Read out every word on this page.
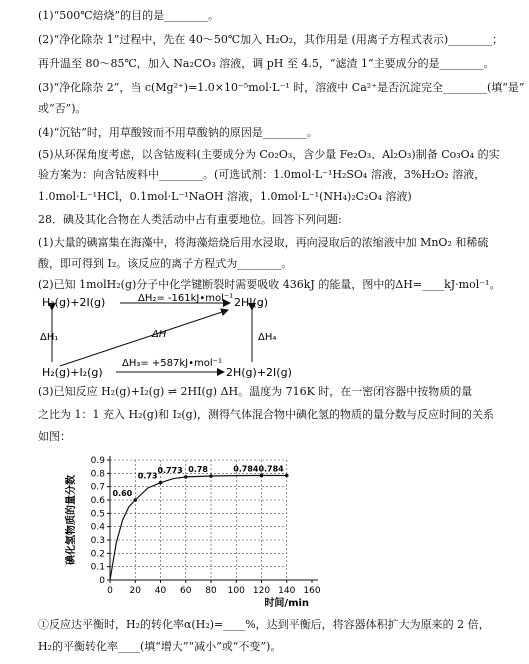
(1)“500℃焙烧”的目的是________。
(2)“净化除杂 1”过程中，先在 40～50℃加入 H₂O₂，其作用是 (用离子方程式表示)________；
再升温至 80～85℃，加入 Na₂CO₃ 溶液，调 pH 至 4.5，“滤渣 1”主要成分的是________。
(3)“净化除杂 2”，当 c(Mg²⁺)=1.0×10⁻⁵mol·L⁻¹ 时，溶液中 Ca²⁺是否沉淀完全________(填“是”
或“否”)。
(4)“沉钴”时，用草酸铵而不用草酸钠的原因是________。
(5)从环保角度考虑，以含钴废料(主要成分为 Co₂O₃，含少量 Fe₂O₃、Al₂O₃)制备 Co₃O₄ 的实
验方案为：向含钴废料中________。(可选试剂：1.0mol·L⁻¹H₂SO₄ 溶液，3%H₂O₂ 溶液，
1.0mol·L⁻¹HCl，0.1mol·L⁻¹NaOH 溶液，1.0mol·L⁻¹(NH₄)₂C₂O₄ 溶液)
28．碘及其化合物在人类活动中占有重要地位。回答下列问题:
(1)大量的碘富集在海藻中，将海藻焙烧后用水浸取，再向浸取后的浓缩液中加 MnO₂ 和稀硫
酸，即可得到 I₂。该反应的离子方程式为________。
(2)已知 1molH₂(g)分子中化学键断裂时需要吸收 436kJ 的能量，图中的ΔH=____kJ·mol⁻¹。
H₂(g)+2I(g)	2HI(g)
ΔH₂= -161kJ•mol⁻¹
ΔH
ΔH₁	ΔH₄
H₂(g)+I₂(g)
ΔH₃= +587kJ•mol⁻¹
2H(g)+2I(g)
(3)已知反应 H₂(g)+I₂(g) ⇌ 2HI(g) ΔH。温度为 716K 时，在一密闭容器中按物质的量
之比为 1：1 充入 H₂(g)和 I₂(g)，测得气体混合物中碘化氢的物质的量分数与反应时间的关系
如图：
0 20 40 60 80 100 120 140 160
0
0.1
0.2
0.3
0.4
0.5
0.6
0.7
0.8
0.9
时间/min
碘化氢物质的量分数	0.60
0.73
0.773 0.78	0.784 0.784
①反应达平衡时，H₂的转化率α(H₂)=____%，达到平衡后，将容器体积扩大为原来的 2 倍，
H₂的平衡转化率____(填“增大”“减小”或“不变”)。
